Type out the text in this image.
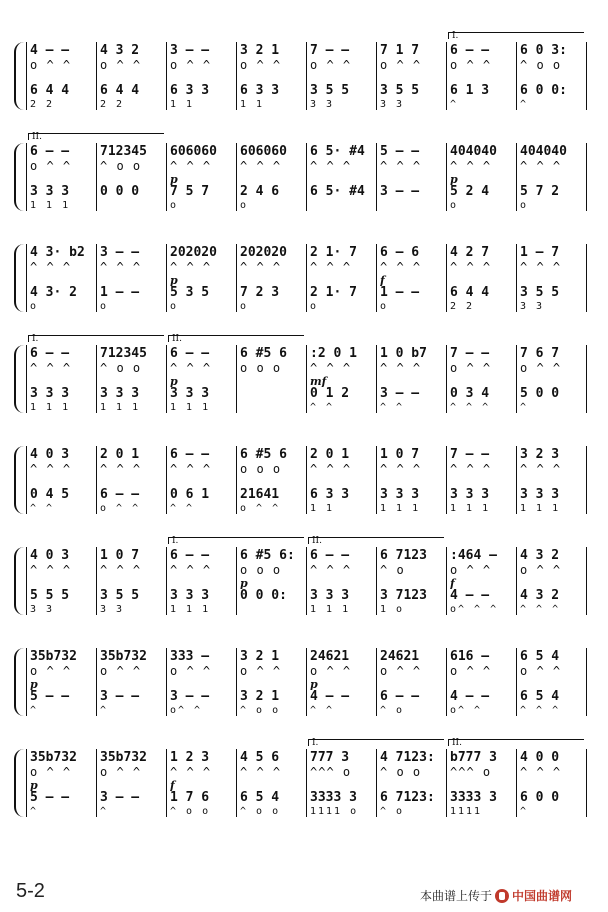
4 – –
o ^ ^
6 4 4
2 2
4 3 2
o ^ ^
6 4 4
2 2
3 – –
o ^ ^
6 3 3
1 1
3 2 1
o ^ ^
6 3 3
1 1
7 – –
o ^ ^
3 5 5
3 3
7 1 7
o ^ ^
3 5 5
3 3
6 – –
o ^ ^
6 1 3
^
6 0 3:
^ o o
6 0 0:
^
I.
6 – –
o ^ ^
3 3 3
1 1 1
712345
^ o o
0 0 0
606060
^ ^ ^
p
7 5 7
o
606060
^ ^ ^
2 4 6
o
6 5· #4
^ ^ ^
6 5· #4
5 – –
^ ^ ^
3 – –
404040
^ ^ ^
p
5 2 4
o
404040
^ ^ ^
5 7 2
o
II.
4 3· b2
^ ^ ^
4 3· 2
o
3 – –
^ ^ ^
1 – –
o
202020
^ ^ ^
p
5 3 5
o
202020
^ ^ ^
7 2 3
o
2 1· 7
^ ^ ^
2 1· 7
o
6 – 6
^ ^ ^
f
1 – –
o
4 2 7
^ ^ ^
6 4 4
2 2
1 – 7
^ ^ ^
3 5 5
3 3
6 – –
^ ^ ^
3 3 3
1 1 1
712345
^ o o
3 3 3
1 1 1
6 – –
^ ^ ^
p
3 3 3
1 1 1
6 #5 6
o o o
:2 0 1
^ ^ ^
mf
0 1 2
^ ^
1 0 b7
^ ^ ^
3 – –
^ ^
7 – –
o ^ ^
0 3 4
^ ^ ^
7 6 7
o ^ ^
5 0 0
^
I.	II.
4 0 3
^ ^ ^
0 4 5
^ ^
2 0 1
^ ^ ^
6 – –
o ^ ^
6 – –
^ ^ ^
0 6 1
^ ^
6 #5 6
o o o
21641
o ^ ^
2 0 1
^ ^ ^
6 3 3
1 1
1 0 7
^ ^ ^
3 3 3
1 1 1
7 – –
^ ^ ^
3 3 3
1 1 1
3 2 3
^ ^ ^
3 3 3
1 1 1
4 0 3
^ ^ ^
5 5 5
3 3
1 0 7
^ ^ ^
3 5 5
3 3
6 – –
^ ^ ^
3 3 3
1 1 1
6 #5 6:
o o o
p
0 0 0:
6 – –
^ ^ ^
3 3 3
1 1 1
6 7123
^ o
3 7123
1 o
:464 –
o ^ ^
f
4 – –
o^ ^ ^
4 3 2
o ^ ^
4 3 2
^ ^ ^
I.	II.
35b732
o ^ ^
p
5 – –
^
35b732
o ^ ^
3 – –
^
333 –
o ^ ^
3 – –
o^ ^
3 2 1
o ^ ^
3 2 1
^ o o
24621
o ^ ^
p
4 – –
^ ^
24621
o ^ ^
6 – –
^ o
616 –
o ^ ^
4 – –
o^ ^
6 5 4
o ^ ^
6 5 4
^ ^ ^
35b732
o ^ ^
p
5 – –
^
35b732
o ^ ^
3 – –
^
1 2 3
^ ^ ^
f
1 7 6
^ o o
4 5 6
^ ^ ^
6 5 4
^ o o
777 3
^^^ o
3333 3
1111 o
4 7123:
^ o o
6 7123:
^ o
b777 3
^^^ o
3333 3
1111
4 0 0
^ ^ ^
6 0 0
^
I.	II.
5-2	本曲谱上传于 中国曲谱网
